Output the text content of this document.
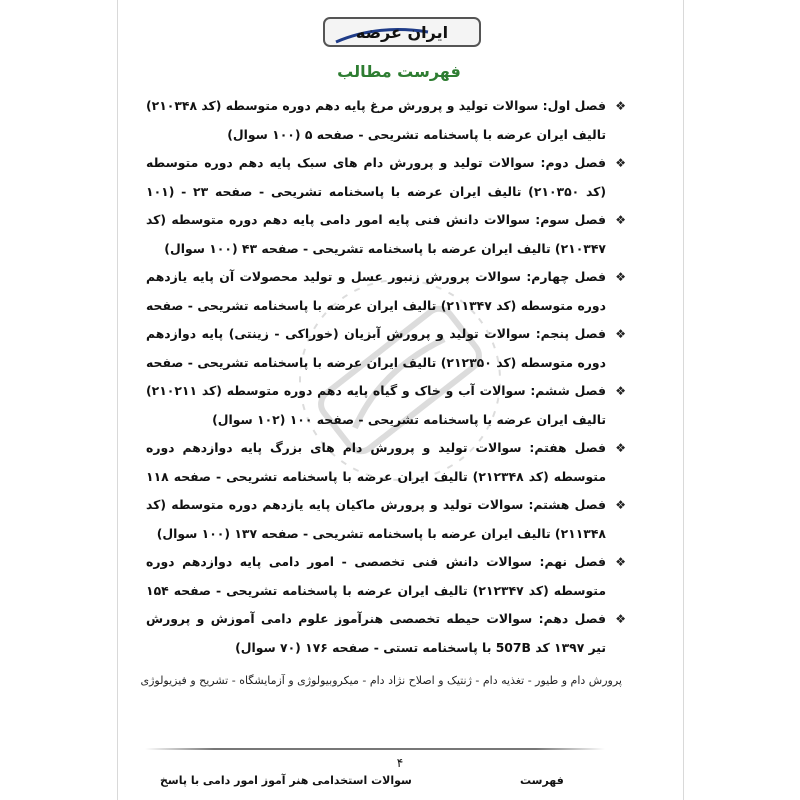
ایران عرضه
فهرست مطالب
❖
فصل اول: سوالات تولید و پرورش مرغ پایه دهم دوره متوسطه (کد ۲۱۰۳۴۸) تالیف ایران عرضه با پاسخنامه تشریحی - صفحه ۵ (۱۰۰ سوال)
❖
فصل دوم: سوالات تولید و پرورش دام های سبک پایه دهم دوره متوسطه (کد ۲۱۰۳۵۰) تالیف ایران عرضه با پاسخنامه تشریحی - صفحه ۲۳ - (۱۰۱
❖
فصل سوم: سوالات دانش فنی پایه امور دامی پایه دهم دوره متوسطه (کد ۲۱۰۳۴۷) تالیف ایران عرضه با پاسخنامه تشریحی - صفحه ۴۳ (۱۰۰ سوال)
❖
فصل چهارم: سوالات پرورش زنبور عسل و تولید محصولات آن پایه یازدهم دوره متوسطه (کد ۲۱۱۳۴۷) تالیف ایران عرضه با پاسخنامه تشریحی - صفحه
❖
فصل پنجم: سوالات تولید و پرورش آبزیان (خوراکی - زینتی) پایه دوازدهم دوره متوسطه (کد ۲۱۲۳۵۰) تالیف ایران عرضه با پاسخنامه تشریحی - صفحه
❖
فصل ششم: سوالات آب و خاک و گیاه پایه دهم دوره متوسطه (کد ۲۱۰۲۱۱) تالیف ایران عرضه با پاسخنامه تشریحی - صفحه ۱۰۰ (۱۰۲ سوال)
❖
فصل هفتم: سوالات تولید و پرورش دام های بزرگ پایه دوازدهم دوره متوسطه (کد ۲۱۲۳۴۸) تالیف ایران عرضه با پاسخنامه تشریحی - صفحه ۱۱۸
❖
فصل هشتم: سوالات تولید و پرورش ماکیان پایه یازدهم دوره متوسطه (کد ۲۱۱۳۴۸) تالیف ایران عرضه با پاسخنامه تشریحی - صفحه ۱۳۷ (۱۰۰ سوال)
❖
فصل نهم: سوالات دانش فنی تخصصی - امور دامی پایه دوازدهم دوره متوسطه (کد ۲۱۲۳۴۷) تالیف ایران عرضه با پاسخنامه تشریحی - صفحه ۱۵۴
❖
فصل دهم: سوالات حیطه تخصصی هنرآموز علوم دامی آموزش و پرورش تیر ۱۳۹۷ کد 507B با پاسخنامه تستی - صفحه ۱۷۶ (۷۰ سوال)
پرورش دام و طیور - تغذیه دام - ژنتیک و اصلاح نژاد دام - میکروبیولوژی و آزمایشگاه - تشریح و فیزیولوژی
۴
سوالات استخدامی هنر آموز امور دامی با پاسخ	فهرست
